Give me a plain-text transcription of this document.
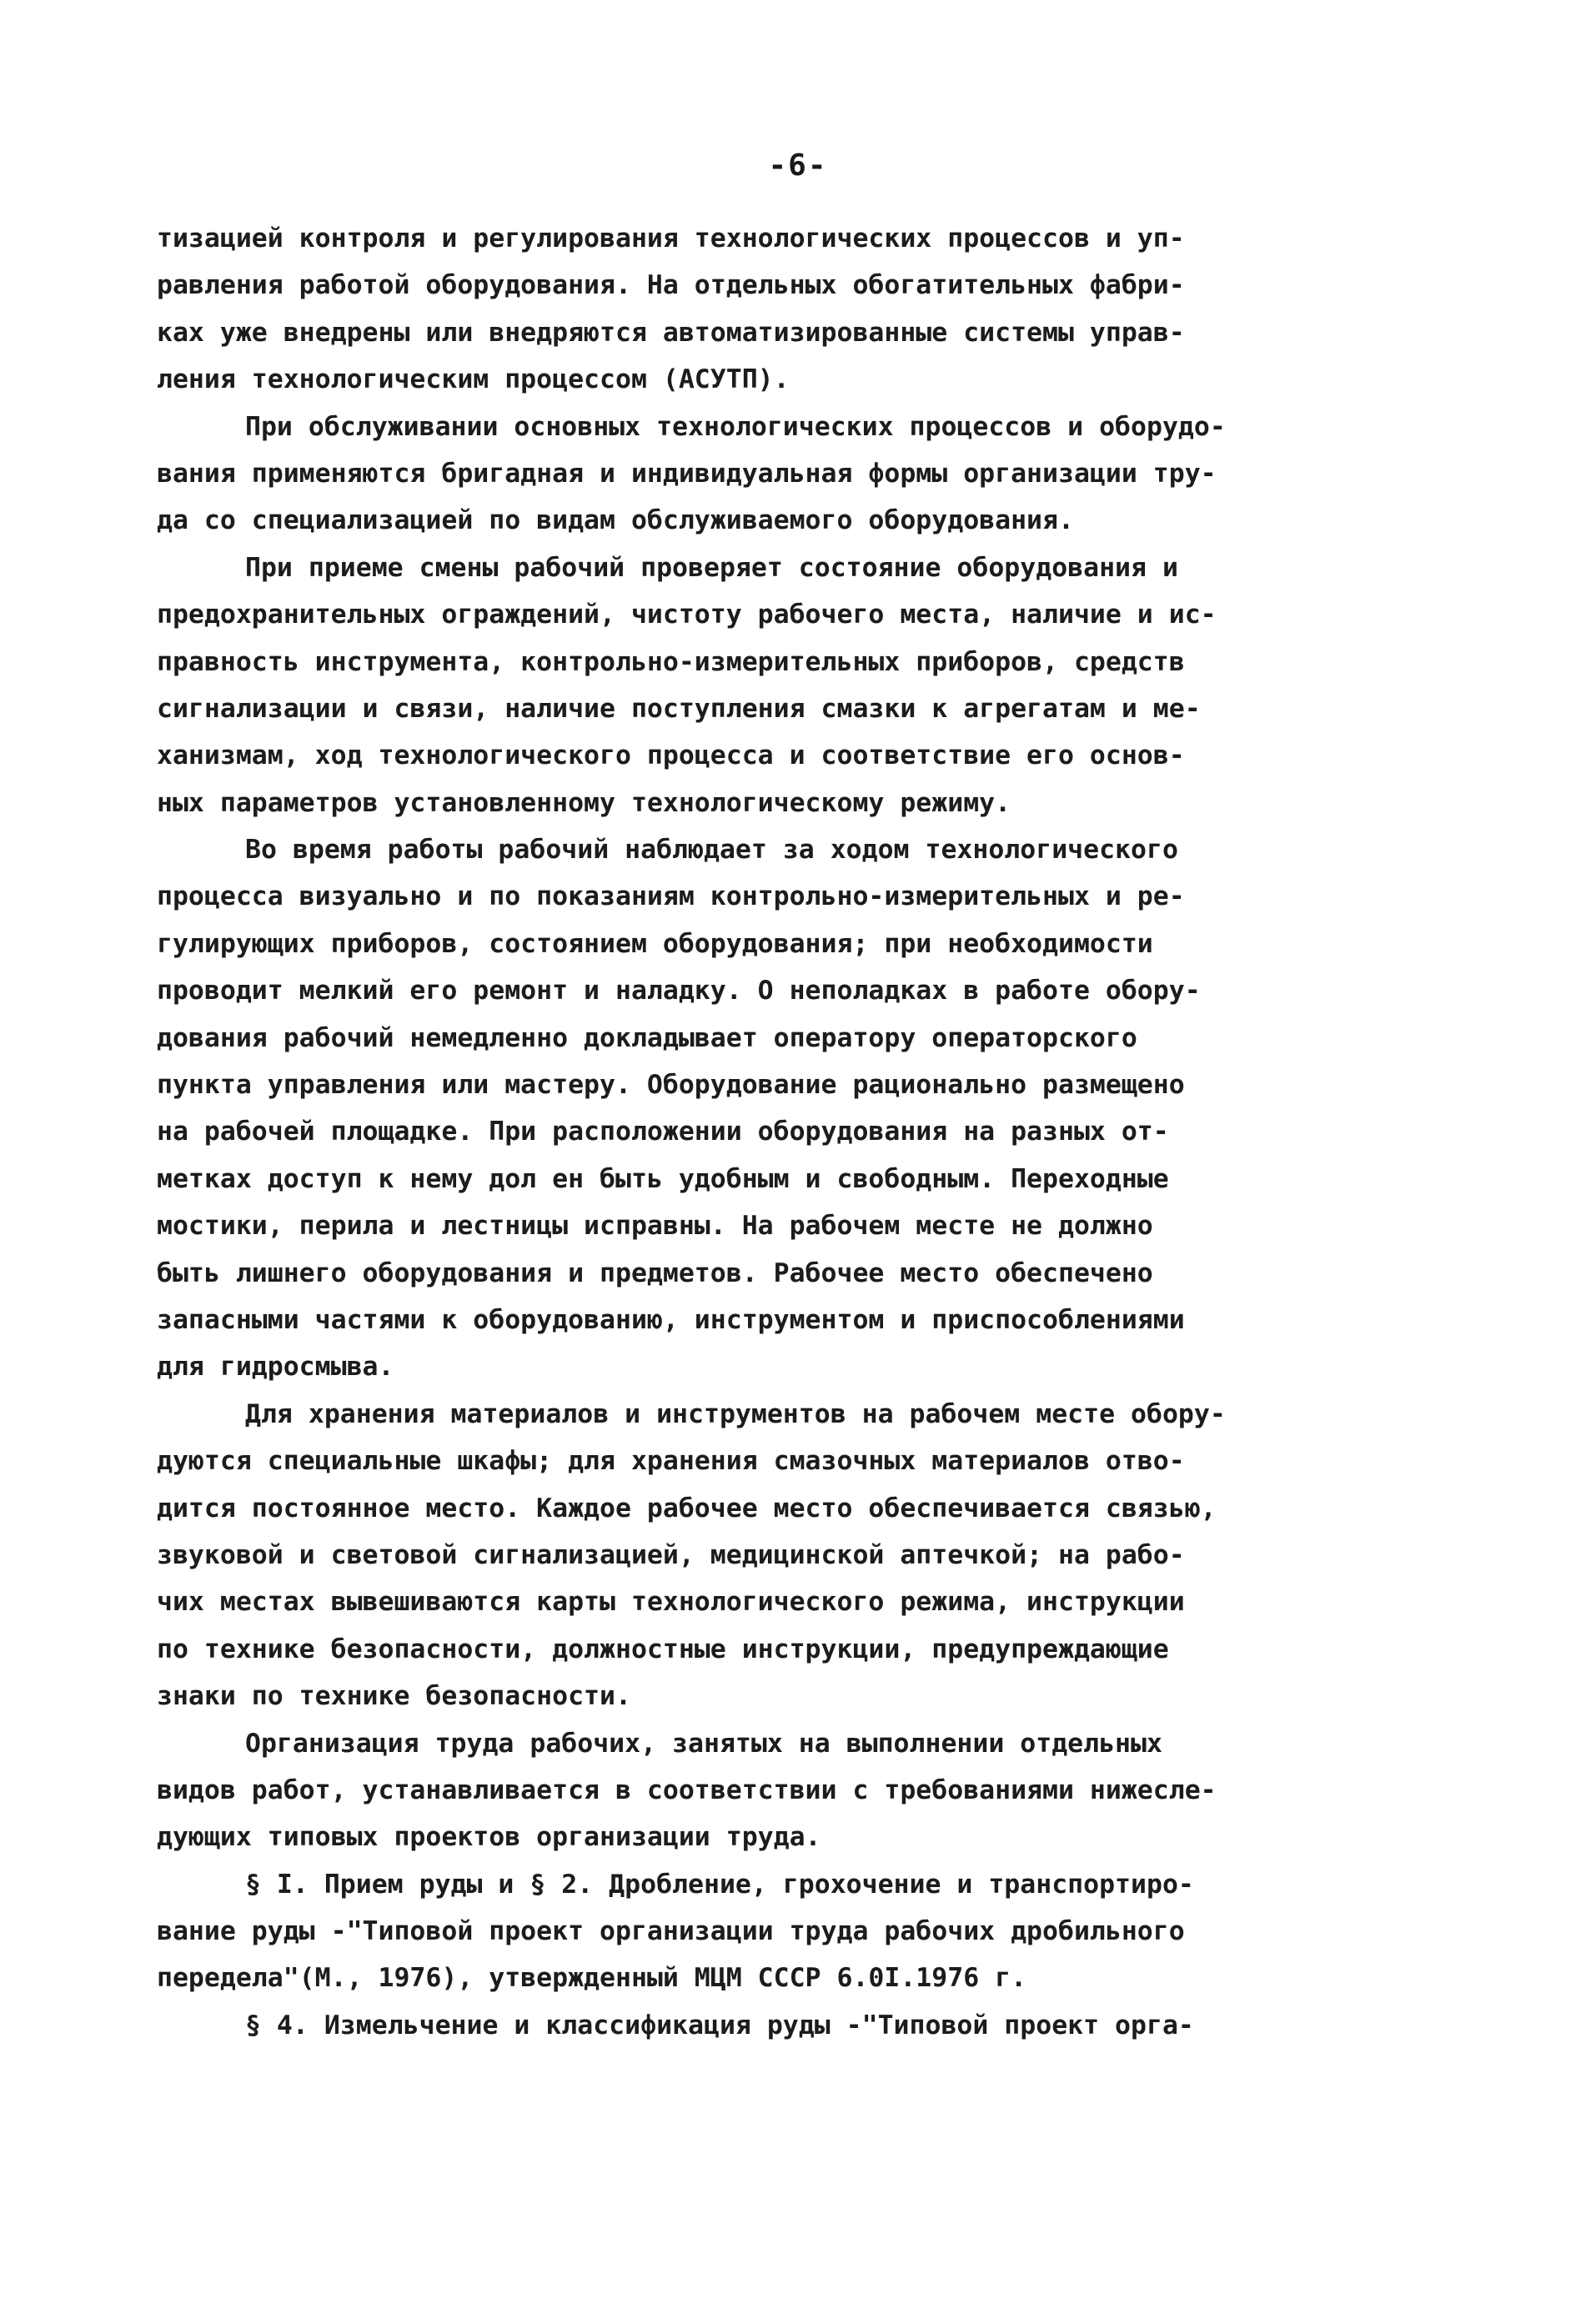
-6-
тизацией контроля и регулирования технологических процессов и уп-
равления работой оборудования. На отдельных обогатительных фабри-
ках уже внедрены или внедряются автоматизированные системы управ-
ления технологическим процессом (АСУТП).
При обслуживании основных технологических процессов и оборудо-
вания применяются бригадная и индивидуальная формы организации тру-
да со специализацией по видам обслуживаемого оборудования.
При приеме смены рабочий проверяет состояние оборудования и
предохранительных ограждений, чистоту рабочего места, наличие и ис-
правность инструмента, контрольно-измерительных приборов, средств
сигнализации и связи, наличие поступления смазки к агрегатам и ме-
ханизмам, ход технологического процесса и соответствие его основ-
ных параметров установленному технологическому режиму.
Во время работы рабочий наблюдает за ходом технологического
процесса визуально и по показаниям контрольно-измерительных и ре-
гулирующих приборов, состоянием оборудования; при необходимости
проводит мелкий его ремонт и наладку. О неполадках в работе обору-
дования рабочий немедленно докладывает оператору операторского
пункта управления или мастеру. Оборудование рационально размещено
на рабочей площадке. При расположении оборудования на разных от-
метках доступ к нему дол ен быть удобным и свободным. Переходные
мостики, перила и лестницы исправны. На рабочем месте не должно
быть лишнего оборудования и предметов. Рабочее место обеспечено
запасными частями к оборудованию, инструментом и приспособлениями
для гидросмыва.
Для хранения материалов и инструментов на рабочем месте обору-
дуются специальные шкафы; для хранения смазочных материалов отво-
дится постоянное место. Каждое рабочее место обеспечивается связью,
звуковой и световой сигнализацией, медицинской аптечкой; на рабо-
чих местах вывешиваются карты технологического режима, инструкции
по технике безопасности, должностные инструкции, предупреждающие
знаки по технике безопасности.
Организация труда рабочих, занятых на выполнении отдельных
видов работ, устанавливается в соответствии с требованиями нижесле-
дующих типовых проектов организации труда.
§ I. Прием руды и § 2. Дробление, грохочение и транспортиро-
вание руды -"Типовой проект организации труда рабочих дробильного
передела"(М., 1976), утвержденный МЦМ СССР 6.0I.1976 г.
§ 4. Измельчение и классификация руды -"Типовой проект орга-
